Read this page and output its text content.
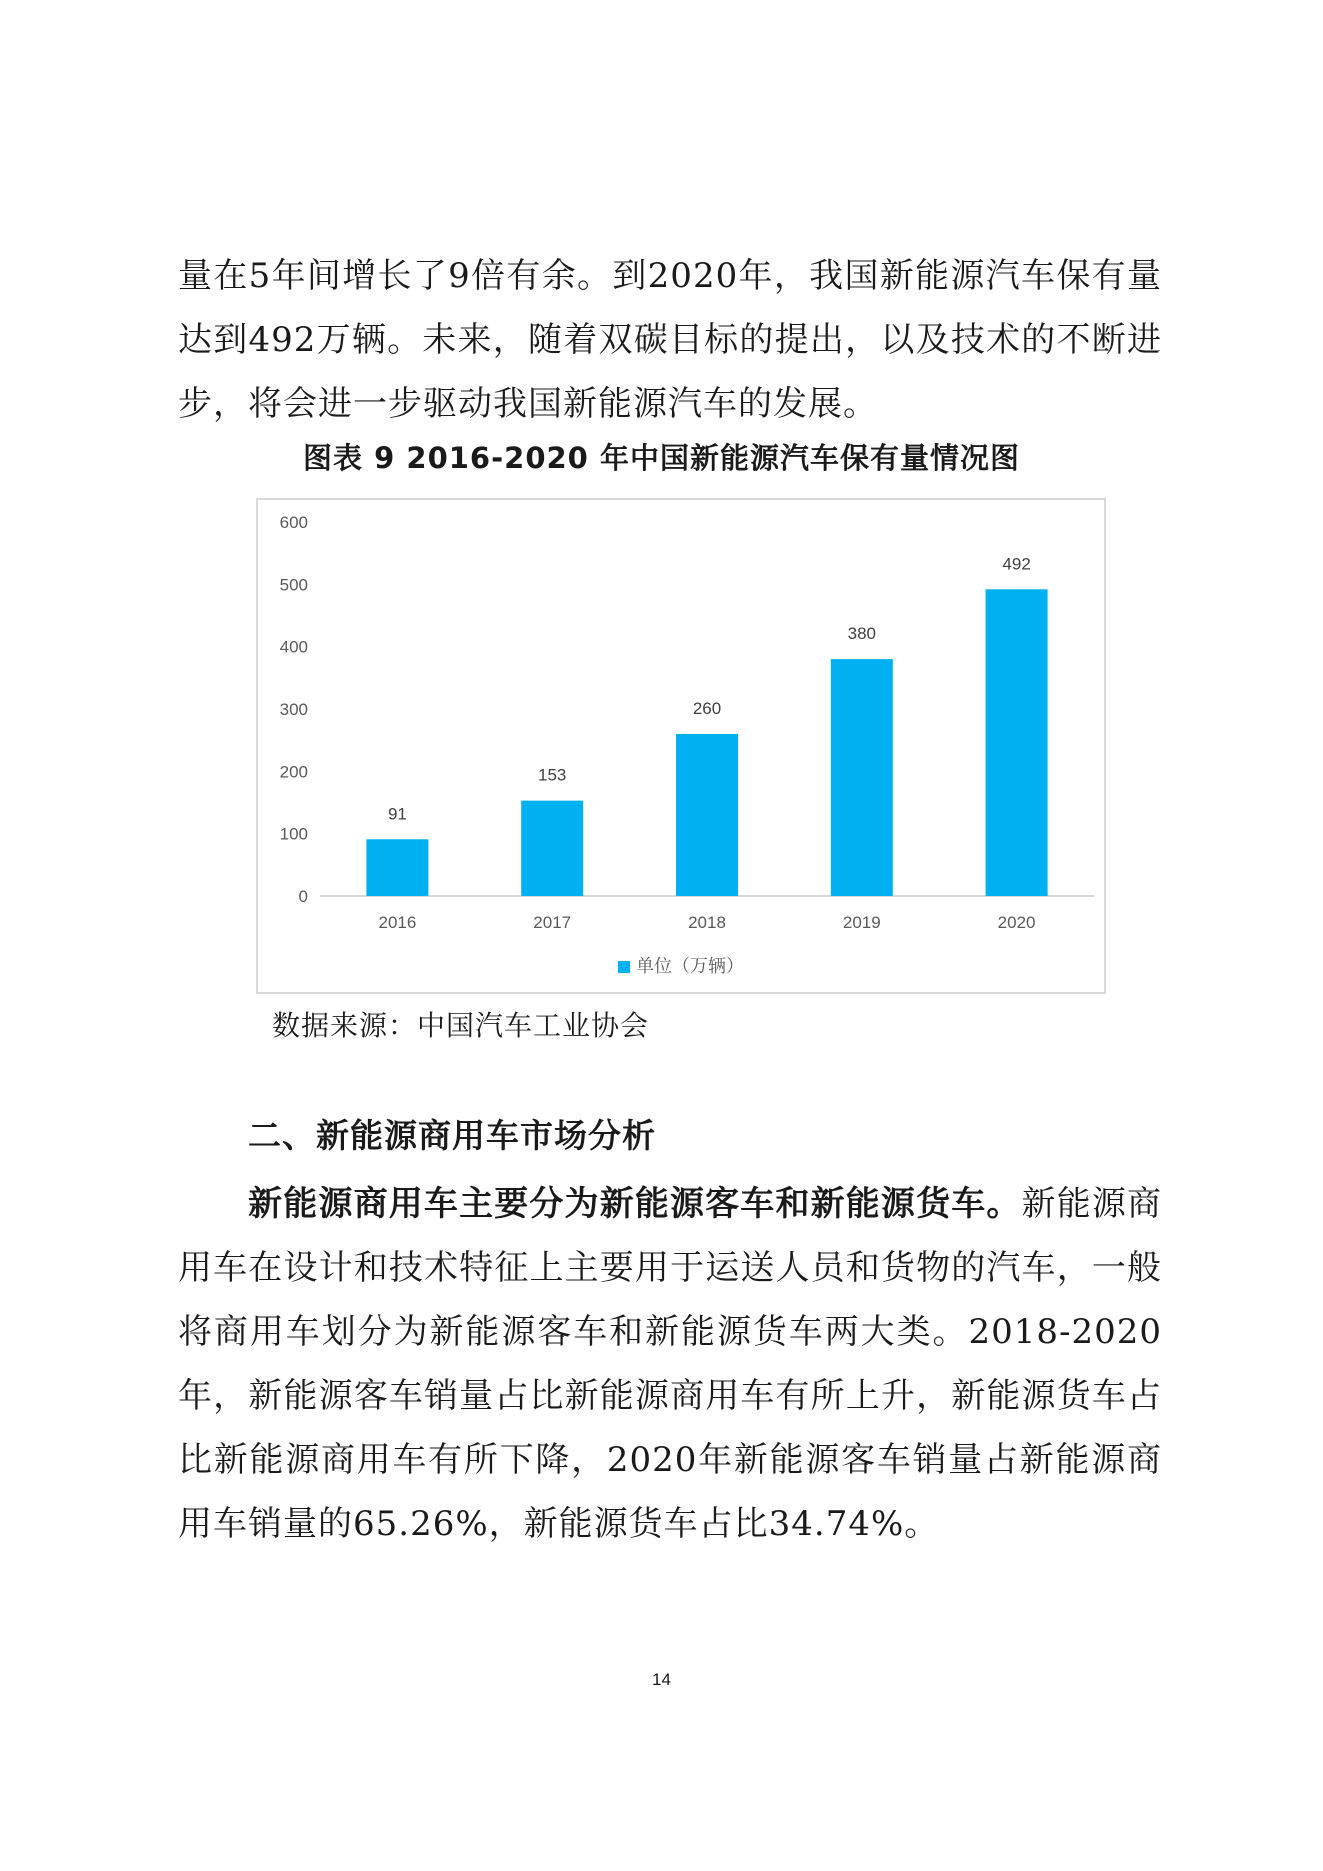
量在5年间增长了9倍有余。到2020年，我国新能源汽车保有量达到492万辆。未来，随着双碳目标的提出，以及技术的不断进步，将会进一步驱动我国新能源汽车的发展。

图表 9 2016-2020 年中国新能源汽车保有量情况图

0
100
200
300
400
500
600
91
2016
153
2017
260
2018
380
2019
492
2020
单位（万辆）

数据来源：中国汽车工业协会

二、新能源商用车市场分析

新能源商用车主要分为新能源客车和新能源货车。新能源商用车在设计和技术特征上主要用于运送人员和货物的汽车，一般将商用车划分为新能源客车和新能源货车两大类。2018-2020年，新能源客车销量占比新能源商用车有所上升，新能源货车占比新能源商用车有所下降，2020年新能源客车销量占新能源商用车销量的65.26%，新能源货车占比34.74%。

14
